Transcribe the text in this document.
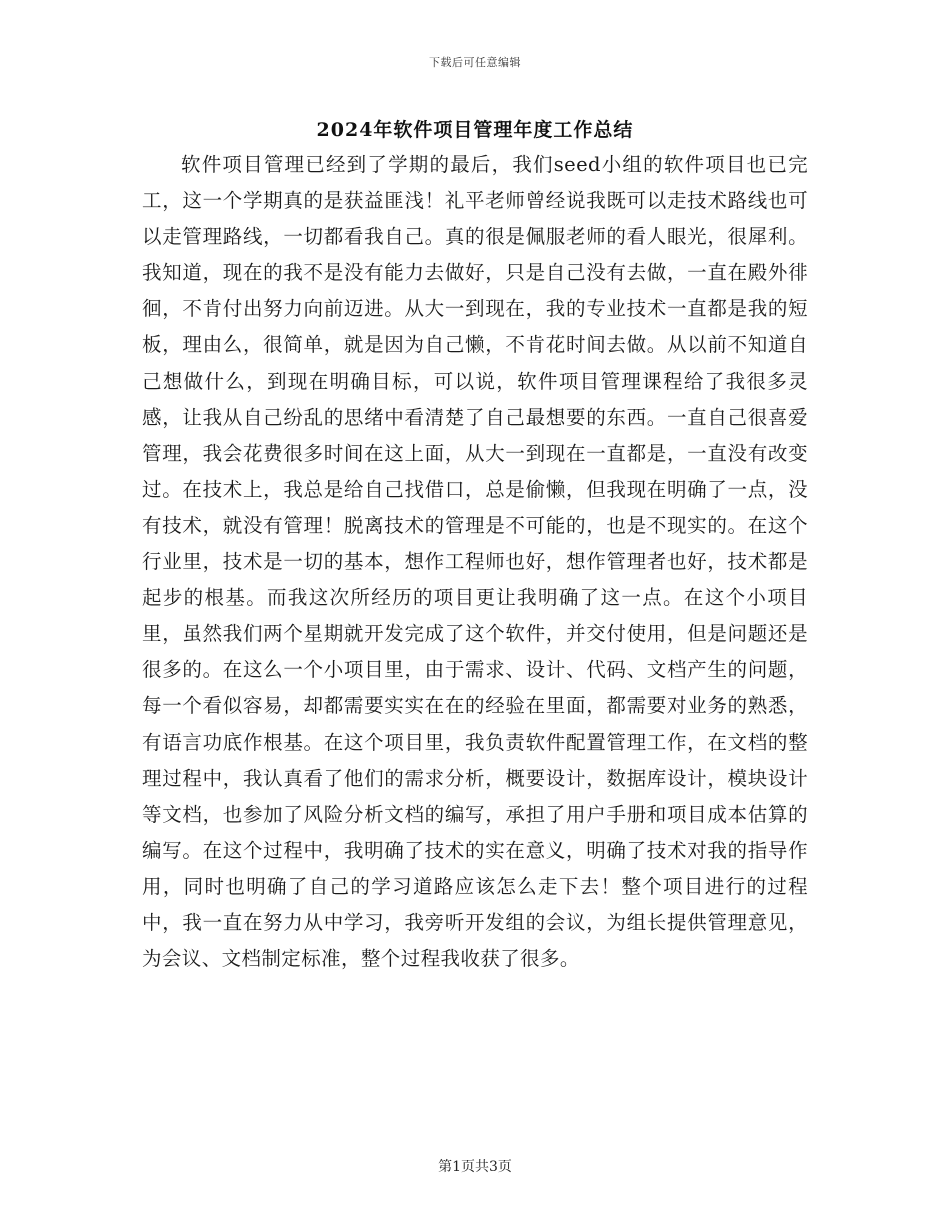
下载后可任意编辑
2024年软件项目管理年度工作总结

软件项目管理已经到了学期的最后，我们seed小组的软件项目也已完工，这一个学期真的是获益匪浅！礼平老师曾经说我既可以走技术路线也可以走管理路线，一切都看我自己。真的很是佩服老师的看人眼光，很犀利。我知道，现在的我不是没有能力去做好，只是自己没有去做，一直在殿外徘徊，不肯付出努力向前迈进。从大一到现在，我的专业技术一直都是我的短板，理由么，很简单，就是因为自己懒，不肯花时间去做。从以前不知道自己想做什么，到现在明确目标，可以说，软件项目管理课程给了我很多灵感，让我从自己纷乱的思绪中看清楚了自己最想要的东西。一直自己很喜爱管理，我会花费很多时间在这上面，从大一到现在一直都是，一直没有改变过。在技术上，我总是给自己找借口，总是偷懒，但我现在明确了一点，没有技术，就没有管理！脱离技术的管理是不可能的，也是不现实的。在这个行业里，技术是一切的基本，想作工程师也好，想作管理者也好，技术都是起步的根基。而我这次所经历的项目更让我明确了这一点。在这个小项目里，虽然我们两个星期就开发完成了这个软件，并交付使用，但是问题还是很多的。在这么一个小项目里，由于需求、设计、代码、文档产生的问题，每一个看似容易，却都需要实实在在的经验在里面，都需要对业务的熟悉，有语言功底作根基。在这个项目里，我负责软件配置管理工作，在文档的整理过程中，我认真看了他们的需求分析，概要设计，数据库设计，模块设计等文档，也参加了风险分析文档的编写，承担了用户手册和项目成本估算的编写。在这个过程中，我明确了技术的实在意义，明确了技术对我的指导作用，同时也明确了自己的学习道路应该怎么走下去！整个项目进行的过程中，我一直在努力从中学习，我旁听开发组的会议，为组长提供管理意见，为会议、文档制定标准，整个过程我收获了很多。

第1页共3页
